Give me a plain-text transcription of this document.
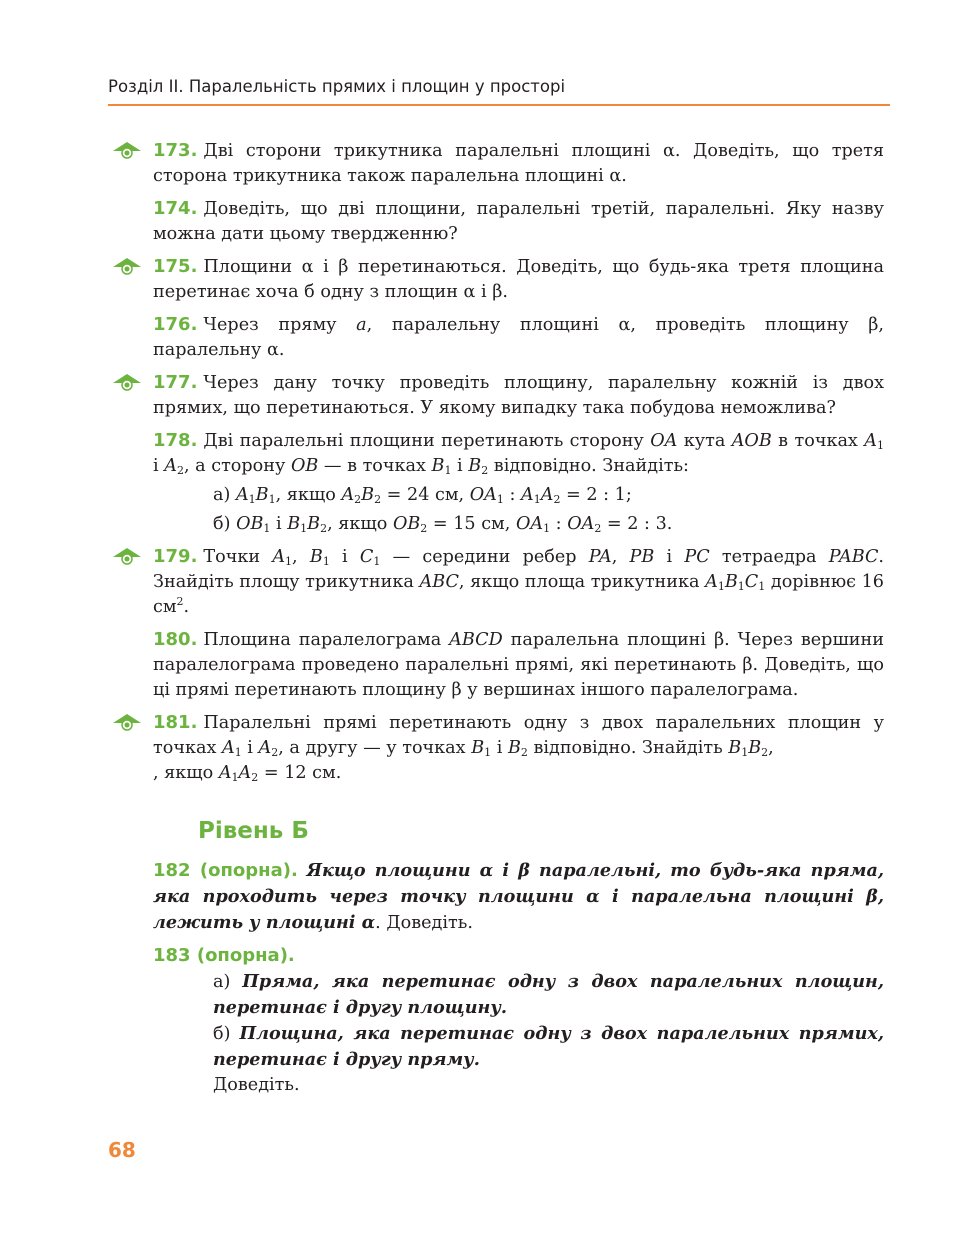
Розділ II. Паралельність прямих і площин у просторі
173. Дві сторони трикутника паралельні площині α. Доведіть, що третя сторона трикутника також паралельна площині α.
174. Доведіть, що дві площини, паралельні третій, паралельні. Яку назву можна дати цьому твердженню?
175. Площини α і β перетинаються. Доведіть, що будь-яка третя площина перетинає хоча б одну з площин α і β.
176. Через пряму a, паралельну площині α, проведіть площину β, паралельну α.
177. Через дану точку проведіть площину, паралельну кожній із двох прямих, що перетинаються. У якому випадку така побудова неможлива?
178. Дві паралельні площини перетинають сторону OA кута AOB в точках $A_1$ і $A_2$, а сторону OB — в точках $B_1$ і $B_2$ відповідно. Знайдіть:
а) $A_1B_1$, якщо $A_2B_2 = 24$ см, $OA_1$ : $A_1A_2 = 2$ : 1;
б) $OB_1$ і $B_1B_2$, якщо $OB_2 = 15$ см, $OA_1$ : $OA_2 = 2$ : 3.
179. Точки $A_1$, $B_1$ і $C_1$ — середини ребер PA, PB і PC тетраедра PABC. Знайдіть площу трикутника ABC, якщо площа трикутника $A_1B_1C_1$ дорівнює 16 $см^2$.
180. Площина паралелограма ABCD паралельна площині β. Через вершини паралелограма проведено паралельні прямі, які перетинають β. Доведіть, що ці прямі перетинають площину β у вершинах іншого паралелограма.
181. Паралельні прямі перетинають одну з двох паралельних площин у точках $A_1$ і $A_2$, а другу — у точках $B_1$ і $B_2$ відповідно. Знайдіть $B_1B_2$,
, якщо $A_1A_2 = 12$ см.
Рівень Б
182 (опорна). Якщо площини α і β паралельні, то будь-яка пряма, яка проходить через точку площини α і паралельна площині β, лежить у площині α. Доведіть.
183 (опорна).
а) Пряма, яка перетинає одну з двох паралельних площин, перетинає і другу площину.
б) Площина, яка перетинає одну з двох паралельних прямих, перетинає і другу пряму.
Доведіть.
68
